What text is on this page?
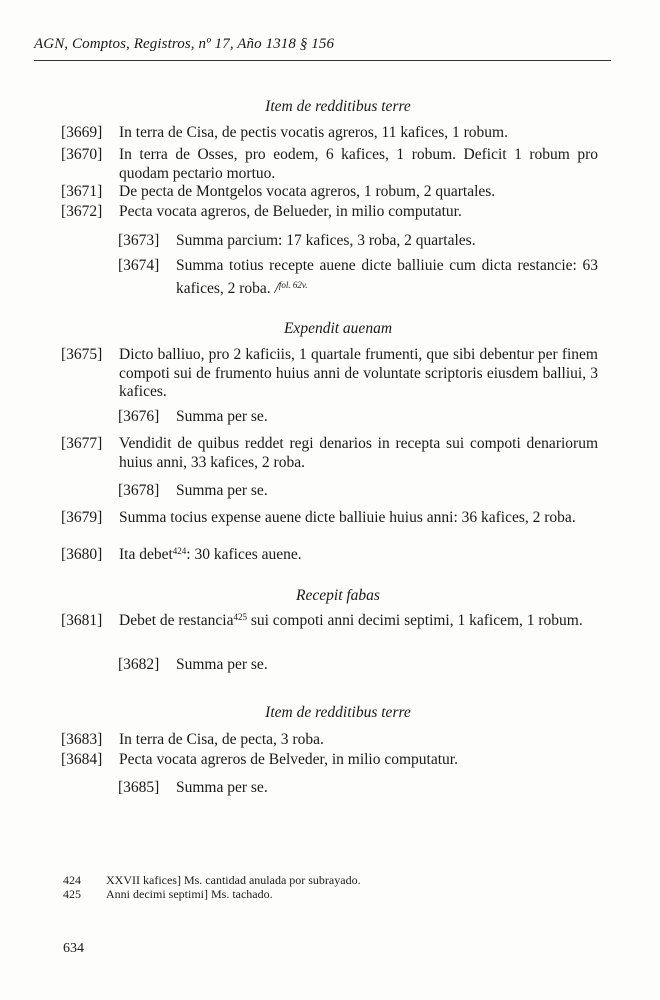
AGN, Comptos, Registros, nº 17, Año 1318 § 156
Item de redditibus terre
[3669]	In terra de Cisa, de pectis vocatis agreros, 11 kafices, 1 robum.
[3670]	In terra de Osses, pro eodem, 6 kafices, 1 robum. Deficit 1 robum pro quodam pectario mortuo.
[3671]	De pecta de Montgelos vocata agreros, 1 robum, 2 quartales.
[3672]	Pecta vocata agreros, de Belueder, in milio computatur.
[3673]	Summa parcium: 17 kafices, 3 roba, 2 quartales.
[3674]	Summa totius recepte auene dicte balliuie cum dicta restancie: 63 kafices, 2 roba. /$^{fol. 62v.}$
Expendit auenam
[3675]	Dicto balliuo, pro 2 kaficiis, 1 quartale frumenti, que sibi debentur per finem compoti sui de frumento huius anni de voluntate scriptoris eiusdem balliui, 3 kafices.
[3676]	Summa per se.
[3677]	Vendidit de quibus reddet regi denarios in recepta sui compoti denariorum huius anni, 33 kafices, 2 roba.
[3678]	Summa per se.
[3679]	Summa tocius expense auene dicte balliuie huius anni: 36 kafices, 2 roba.
[3680]	Ita debet$^{424}$: 30 kafices auene.
Recepit fabas
[3681]	Debet de restancia$^{425}$ sui compoti anni decimi septimi, 1 kaficem, 1 robum.
[3682]	Summa per se.
Item de redditibus terre
[3683]	In terra de Cisa, de pecta, 3 roba.
[3684]	Pecta vocata agreros de Belveder, in milio computatur.
[3685]	Summa per se.
424	XXVII kafices] Ms. cantidad anulada por subrayado.
425	Anni decimi septimi] Ms. tachado.
634
